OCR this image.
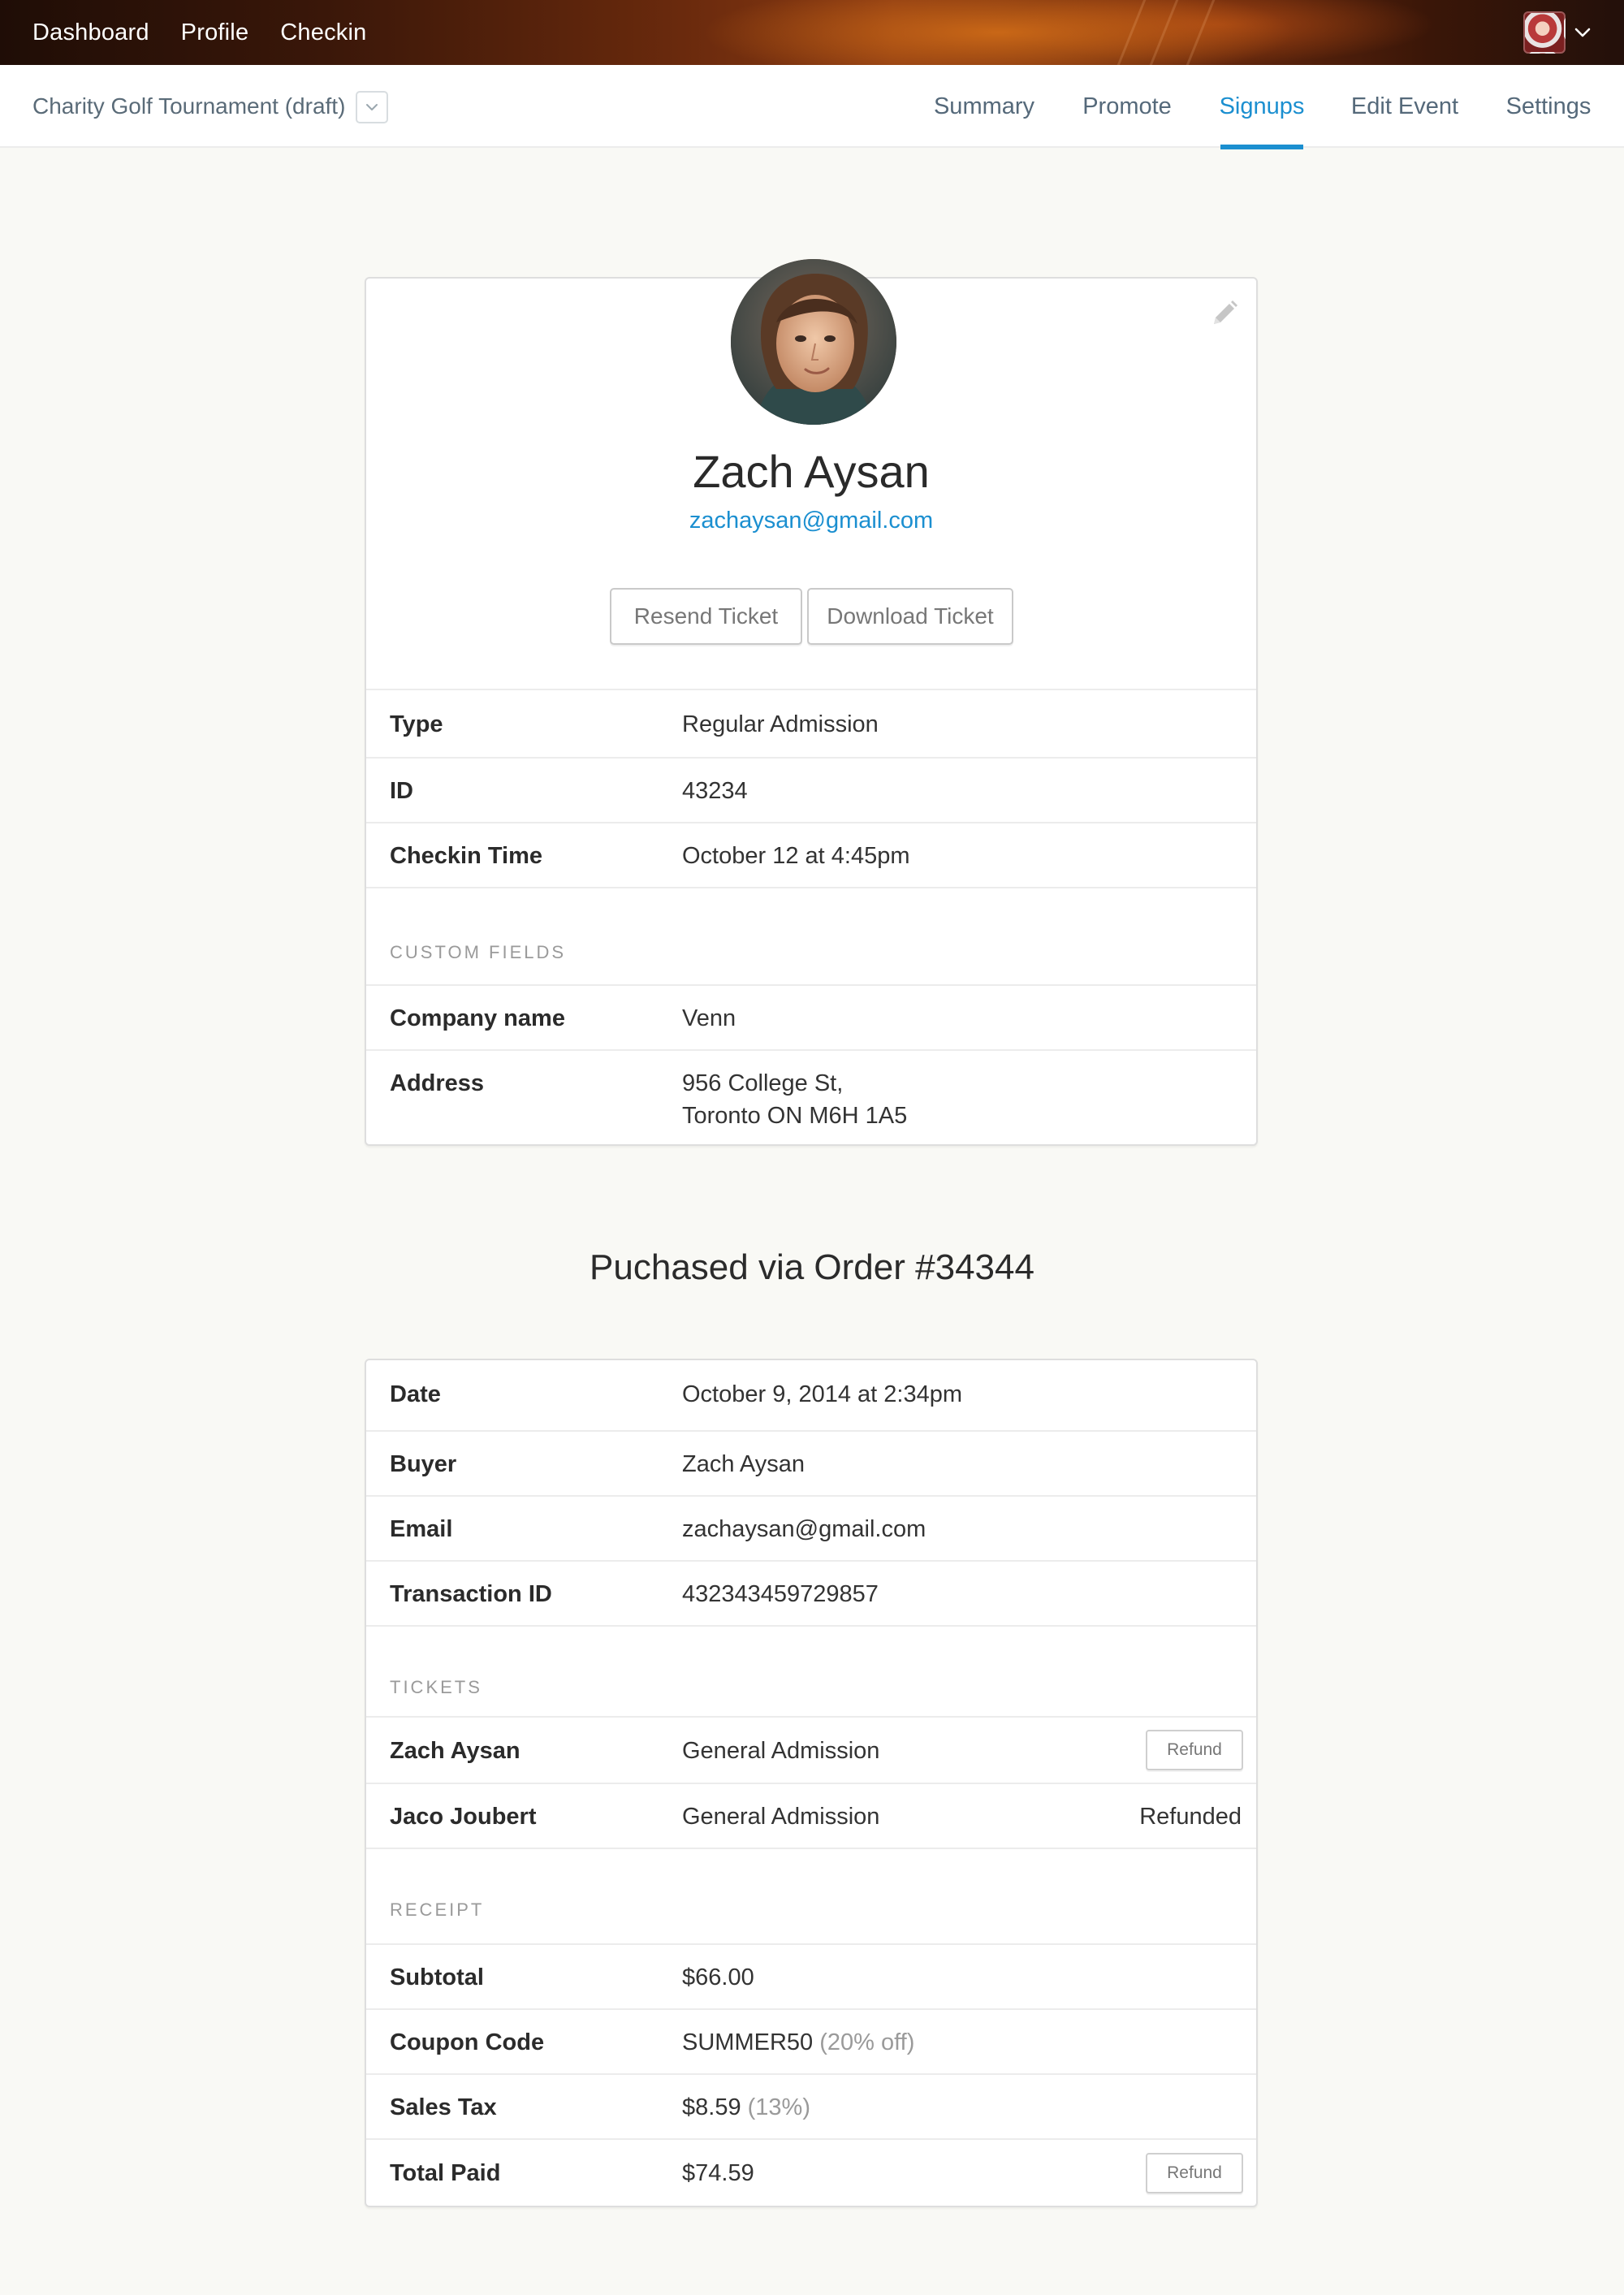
Dashboard Profile Checkin
Charity Golf Tournament (draft)	Summary Promote Signups Edit Event Settings
Zach Aysan
zachaysan@gmail.com
Resend Ticket	Download Ticket
Type	Regular Admission
ID	43234
Checkin Time	October 12 at 4:45pm
CUSTOM FIELDS
Company name	Venn
Address	956 College St,
Toronto ON M6H 1A5
Puchased via Order #34344
Date	October 9, 2014 at 2:34pm
Buyer	Zach Aysan
Email	zachaysan@gmail.com
Transaction ID	432343459729857
TICKETS
Zach Aysan	General Admission	Refund
Jaco Joubert	General Admission	Refunded
RECEIPT
Subtotal	$66.00
Coupon Code	SUMMER50 (20% off)
Sales Tax	$8.59 (13%)
Total Paid	$74.59	Refund
